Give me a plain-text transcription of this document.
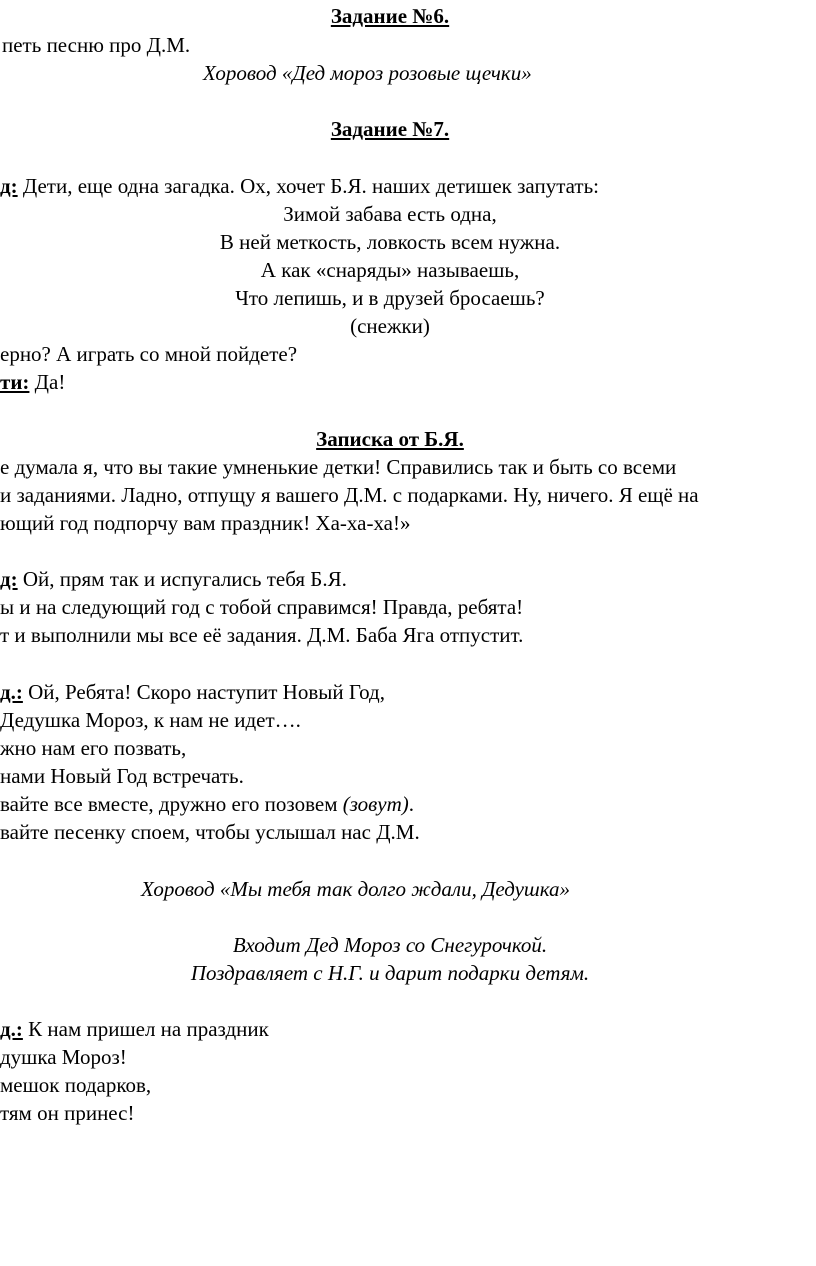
Задание №6.
петь песню про Д.М.
Хоровод «Дед мороз розовые щечки»
Задание №7.
д: Дети, еще одна загадка. Ох, хочет Б.Я. наших детишек запутать:
Зимой забава есть одна,
В ней меткость, ловкость всем нужна.
А как «снаряды» называешь,
Что лепишь, и в друзей бросаешь?
(снежки)
ерно? А играть со мной пойдете?
ти: Да!
Записка от Б.Я.
е думала я, что вы такие умненькие детки! Справились так и быть со всеми
и заданиями. Ладно, отпущу я вашего Д.М. с подарками. Ну, ничего. Я ещё на
ющий год подпорчу вам праздник! Ха-ха-ха!»
д: Ой, прям так и испугались тебя Б.Я.
ы и на следующий год с тобой справимся! Правда, ребята!
т и выполнили мы все её задания. Д.М. Баба Яга отпустит.
д.: Ой, Ребята! Скоро наступит Новый Год,
Дедушка Мороз, к нам не идет….
жно нам его позвать,
нами Новый Год встречать.
вайте все вместе, дружно его позовем (зовут).
вайте песенку споем, чтобы услышал нас Д.М.
Хоровод «Мы тебя так долго ждали, Дедушка»
Входит Дед Мороз со Снегурочкой.
Поздравляет с Н.Г. и дарит подарки детям.
д.: К нам пришел на праздник
душка Мороз!
мешок подарков,
тям он принес!
